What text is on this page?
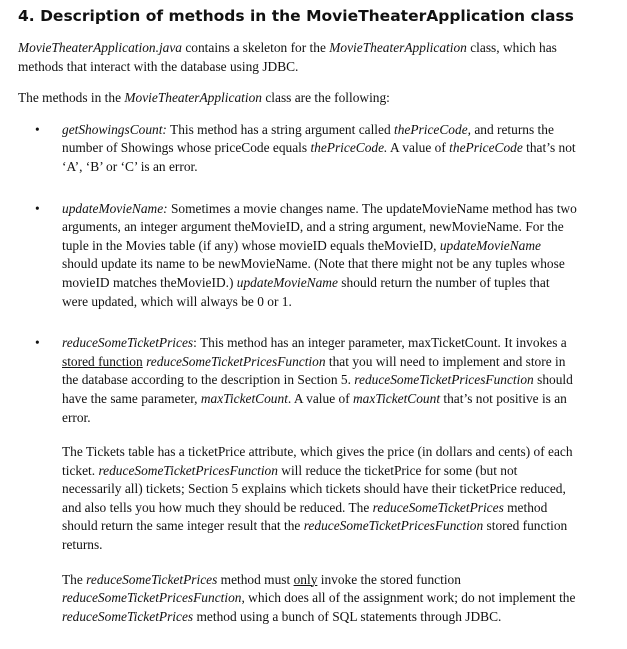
4. Description of methods in the MovieTheaterApplication class

MovieTheaterApplication.java contains a skeleton for the MovieTheaterApplication class, which has methods that interact with the database using JDBC.

The methods in the MovieTheaterApplication class are the following:

• getShowingsCount: This method has a string argument called thePriceCode, and returns the number of Showings whose priceCode equals thePriceCode. A value of thePriceCode that’s not ‘A’, ‘B’ or ‘C’ is an error.
• updateMovieName: Sometimes a movie changes name. The updateMovieName method has two arguments, an integer argument theMovieID, and a string argument, newMovieName. For the tuple in the Movies table (if any) whose movieID equals theMovieID, updateMovieName should update its name to be newMovieName. (Note that there might not be any tuples whose movieID matches theMovieID.) updateMovieName should return the number of tuples that were updated, which will always be 0 or 1.
• reduceSomeTicketPrices: This method has an integer parameter, maxTicketCount. It invokes a stored function reduceSomeTicketPricesFunction that you will need to implement and store in the database according to the description in Section 5. reduceSomeTicketPricesFunction should have the same parameter, maxTicketCount. A value of maxTicketCount that’s not positive is an error.
The Tickets table has a ticketPrice attribute, which gives the price (in dollars and cents) of each ticket. reduceSomeTicketPricesFunction will reduce the ticketPrice for some (but not necessarily all) tickets; Section 5 explains which tickets should have their ticketPrice reduced, and also tells you how much they should be reduced. The reduceSomeTicketPrices method should return the same integer result that the reduceSomeTicketPricesFunction stored function returns.
The reduceSomeTicketPrices method must only invoke the stored function reduceSomeTicketPricesFunction, which does all of the assignment work; do not implement the reduceSomeTicketPrices method using a bunch of SQL statements through JDBC.
